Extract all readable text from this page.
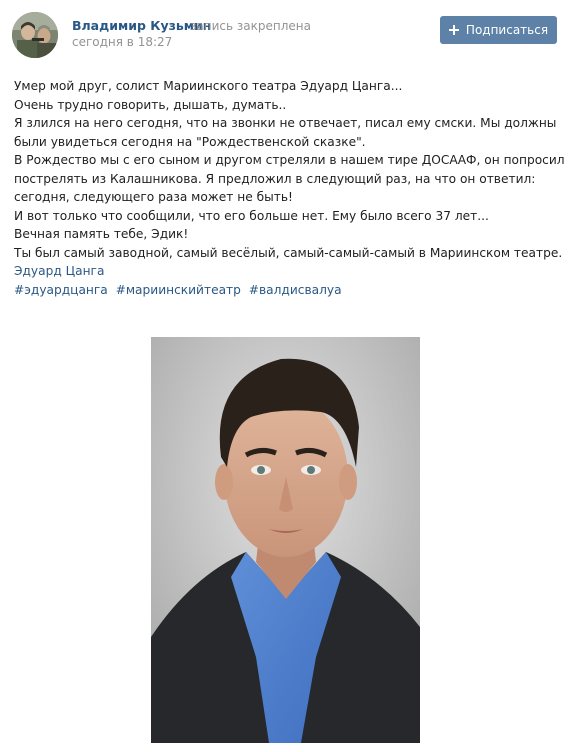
Владимир Кузьмин
запись закреплена
сегодня в 18:27
Подписаться
Умер мой друг, солист Мариинского театра Эдуард Цанга...
Очень трудно говорить, дышать, думать..
Я злился на него сегодня, что на звонки не отвечает, писал ему смски. Мы должны
были увидеться сегодня на "Рождественской сказке".
В Рождество мы с его сыном и другом стреляли в нашем тире ДОСААФ, он попросил
пострелять из Калашникова. Я предложил в следующий раз, на что он ответил:
сегодня, следующего раза может не быть!
И вот только что сообщили, что его больше нет. Ему было всего 37 лет...
Вечная память тебе, Эдик!
Ты был самый заводной, самый весёлый, самый-самый-самый в Мариинском театре.
Эдуард Цанга
#эдуардцанга #мариинскийтеатр #валдисвалуа
